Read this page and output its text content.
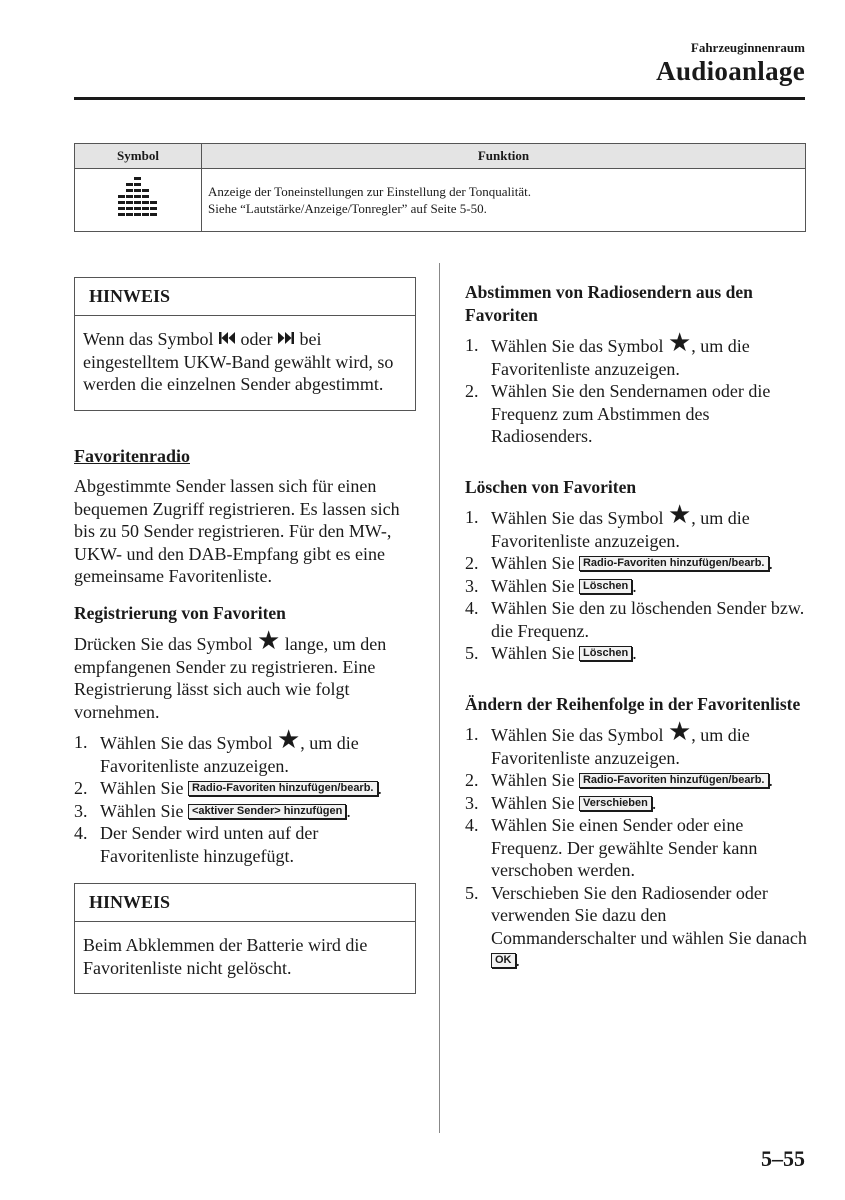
Fahrzeuginnenraum
Audioanlage
Symbol	Funktion

Anzeige der Toneinstellungen zur Einstellung der Tonqualität.
Siehe “Lautstärke/Anzeige/Tonregler” auf Seite 5-50.
HINWEIS
Wenn das Symbol  oder  bei eingestelltem UKW-Band gewählt wird, so werden die einzelnen Sender abgestimmt.
Favoritenradio

Abgestimmte Sender lassen sich für einen bequemen Zugriff registrieren. Es lassen sich bis zu 50 Sender registrieren. Für den MW-, UKW- und den DAB-Empfang gibt es eine gemeinsame Favoritenliste.

Registrierung von Favoriten

Drücken Sie das Symbol ★ lange, um den empfangenen Sender zu registrieren. Eine Registrierung lässt sich auch wie folgt vornehmen.

1. Wählen Sie das Symbol ★, um die Favoritenliste anzuzeigen.
2. Wählen Sie Radio-Favoriten hinzufügen/bearb. .
3. Wählen Sie <aktiver Sender> hinzufügen .
4. Der Sender wird unten auf der Favoritenliste hinzugefügt.
HINWEIS
Beim Abklemmen der Batterie wird die Favoritenliste nicht gelöscht.
Abstimmen von Radiosendern aus den Favoriten
1. Wählen Sie das Symbol ★, um die Favoritenliste anzuzeigen.
2. Wählen Sie den Sendernamen oder die Frequenz zum Abstimmen des Radiosenders.
Löschen von Favoriten
1. Wählen Sie das Symbol ★, um die Favoritenliste anzuzeigen.
2. Wählen Sie Radio-Favoriten hinzufügen/bearb. .
3. Wählen Sie Löschen .
4. Wählen Sie den zu löschenden Sender bzw. die Frequenz.
5. Wählen Sie Löschen .
Ändern der Reihenfolge in der Favoritenliste
1. Wählen Sie das Symbol ★, um die Favoritenliste anzuzeigen.
2. Wählen Sie Radio-Favoriten hinzufügen/bearb. .
3. Wählen Sie Verschieben .
4. Wählen Sie einen Sender oder eine Frequenz. Der gewählte Sender kann verschoben werden.
5. Verschieben Sie den Radiosender oder verwenden Sie dazu den Commanderschalter und wählen Sie danach OK .
5–55
